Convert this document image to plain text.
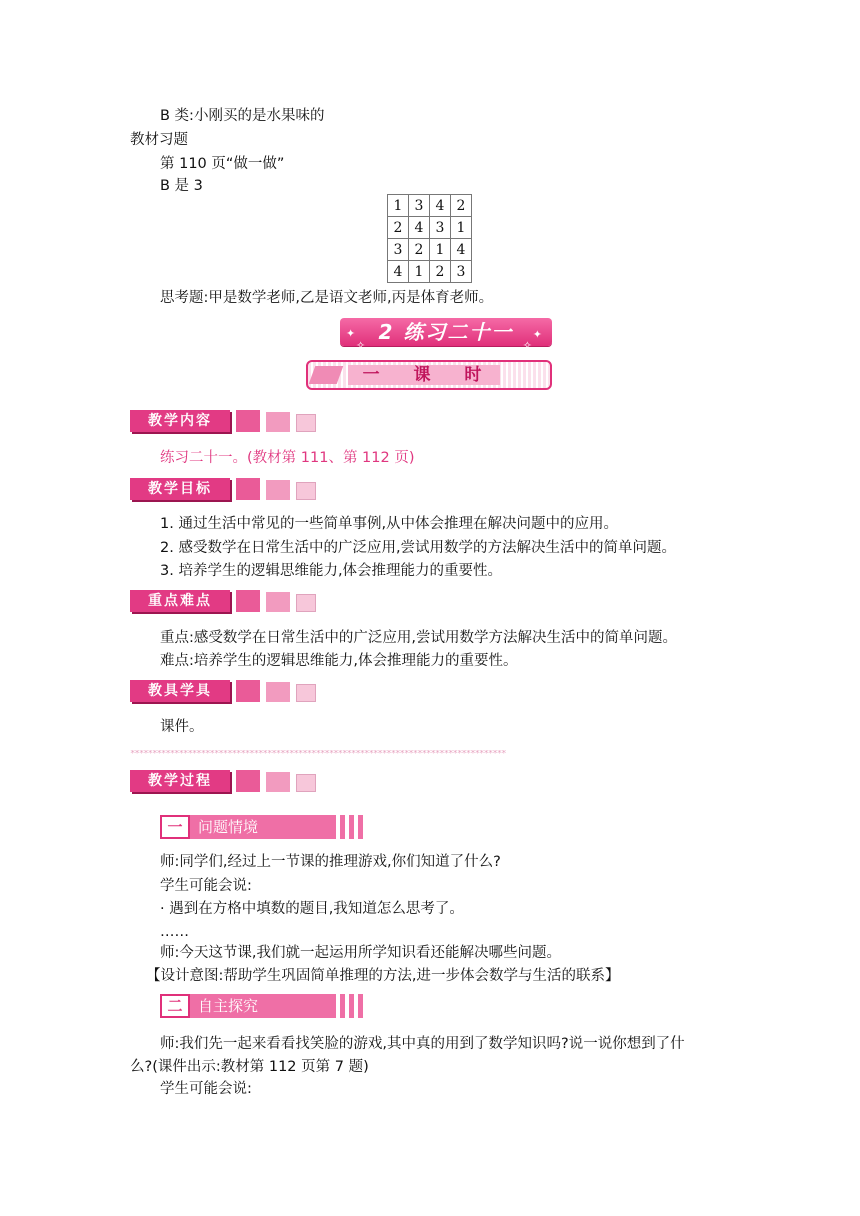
B 类:小刚买的是水果味的
教材习题
第 110 页“做一做”
B 是 3
1	3	4	2
2	4	3	1
3	2	1	4
4	1	2	3
思考题:甲是数学老师,乙是语文老师,丙是体育老师。
✦
✧
✦
✧
2 练习二十一
一 课 时
教学内容
练习二十一。(教材第 111、第 112 页)
教学目标
1. 通过生活中常见的一些简单事例,从中体会推理在解决问题中的应用。
2. 感受数学在日常生活中的广泛应用,尝试用数学的方法解决生活中的简单问题。
3. 培养学生的逻辑思维能力,体会推理能力的重要性。
重点难点
重点:感受数学在日常生活中的广泛应用,尝试用数学方法解决生活中的简单问题。
难点:培养学生的逻辑思维能力,体会推理能力的重要性。
教具学具
课件。
*************************************************************************************
教学过程
一	问题情境
师:同学们,经过上一节课的推理游戏,你们知道了什么?
学生可能会说:
· 遇到在方格中填数的题目,我知道怎么思考了。
……
师:今天这节课,我们就一起运用所学知识看还能解决哪些问题。
【设计意图:帮助学生巩固简单推理的方法,进一步体会数学与生活的联系】
二	自主探究
师:我们先一起来看看找笑脸的游戏,其中真的用到了数学知识吗?说一说你想到了什
么?(课件出示:教材第 112 页第 7 题)
学生可能会说:
